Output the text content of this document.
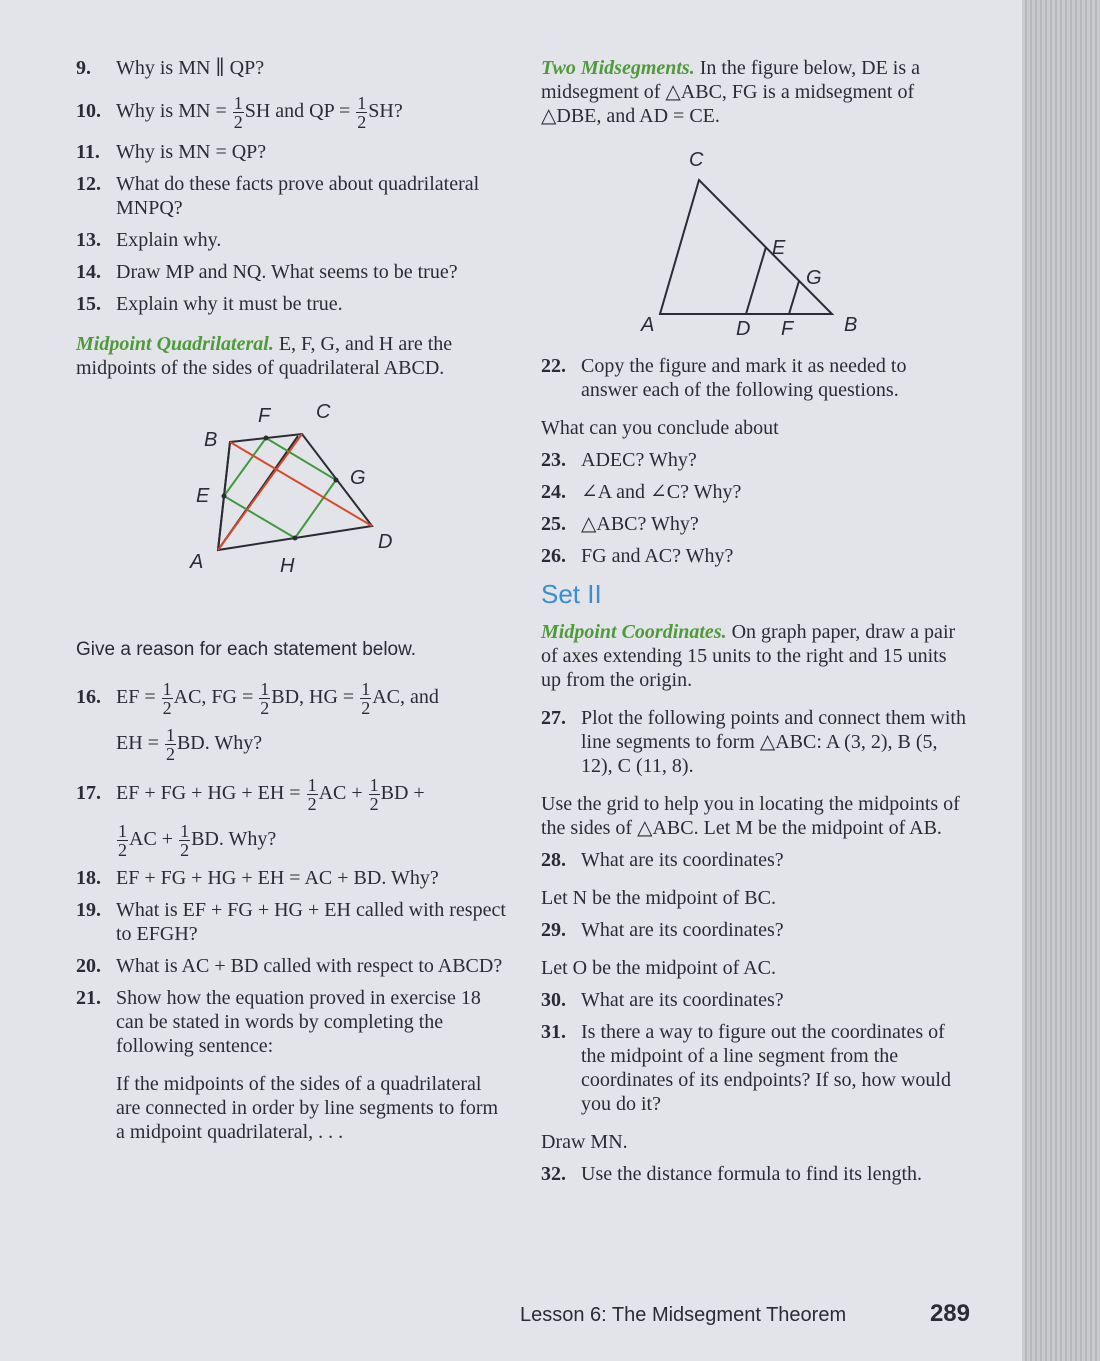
9.	Why is MN ∥ QP?
10. Why is MN = $\frac{1}{2}$ SH and QP = $\frac{1}{2}$ SH?
11. Why is MN = QP?
12. What do these facts prove about quadrilateral MNPQ?
13. Explain why.
14. Draw MP and NQ. What seems to be true?
15. Explain why it must be true.
Midpoint Quadrilateral. E, F, G, and H are the midpoints of the sides of quadrilateral ABCD.
B
F C
G
E
D
A	H
Give a reason for each statement below.
16. EF = $\frac{1}{2}$ AC, FG = $\frac{1}{2}$ BD, HG = $\frac{1}{2}$ AC, and
EH = $\frac{1}{2}$ BD. Why?
17. EF + FG + HG + EH = $\frac{1}{2}$ AC + $\frac{1}{2}$ BD +

$\frac{1}{2}$ AC + $\frac{1}{2}$ BD. Why?
18. EF + FG + HG + EH = AC + BD. Why?
19. What is EF + FG + HG + EH called with respect to EFGH?
20. What is AC + BD called with respect to ABCD?
21. Show how the equation proved in exercise 18 can be stated in words by completing the following sentence:
If the midpoints of the sides of a quadrilateral are connected in order by line segments to form a midpoint quadrilateral, . . .
Two Midsegments. In the figure below, DE is a midsegment of △ABC, FG is a midsegment of △DBE, and AD = CE.
C
E
G
A	D F	B
22. Copy the figure and mark it as needed to answer each of the following questions.
What can you conclude about
23. ADEC? Why?
24. ∠A and ∠C? Why?
25. △ABC? Why?
26. FG and AC? Why?
Set II
Midpoint Coordinates. On graph paper, draw a pair of axes extending 15 units to the right and 15 units up from the origin.
27. Plot the following points and connect them with line segments to form △ABC: A (3, 2), B (5, 12), C (11, 8).
Use the grid to help you in locating the midpoints of the sides of △ABC. Let M be the midpoint of AB.
28. What are its coordinates?
Let N be the midpoint of BC.
29. What are its coordinates?
Let O be the midpoint of AC.
30. What are its coordinates?
31. Is there a way to figure out the coordinates of the midpoint of a line segment from the coordinates of its endpoints? If so, how would you do it?
Draw MN.
32. Use the distance formula to find its length.
Lesson 6: The Midsegment Theorem	289
